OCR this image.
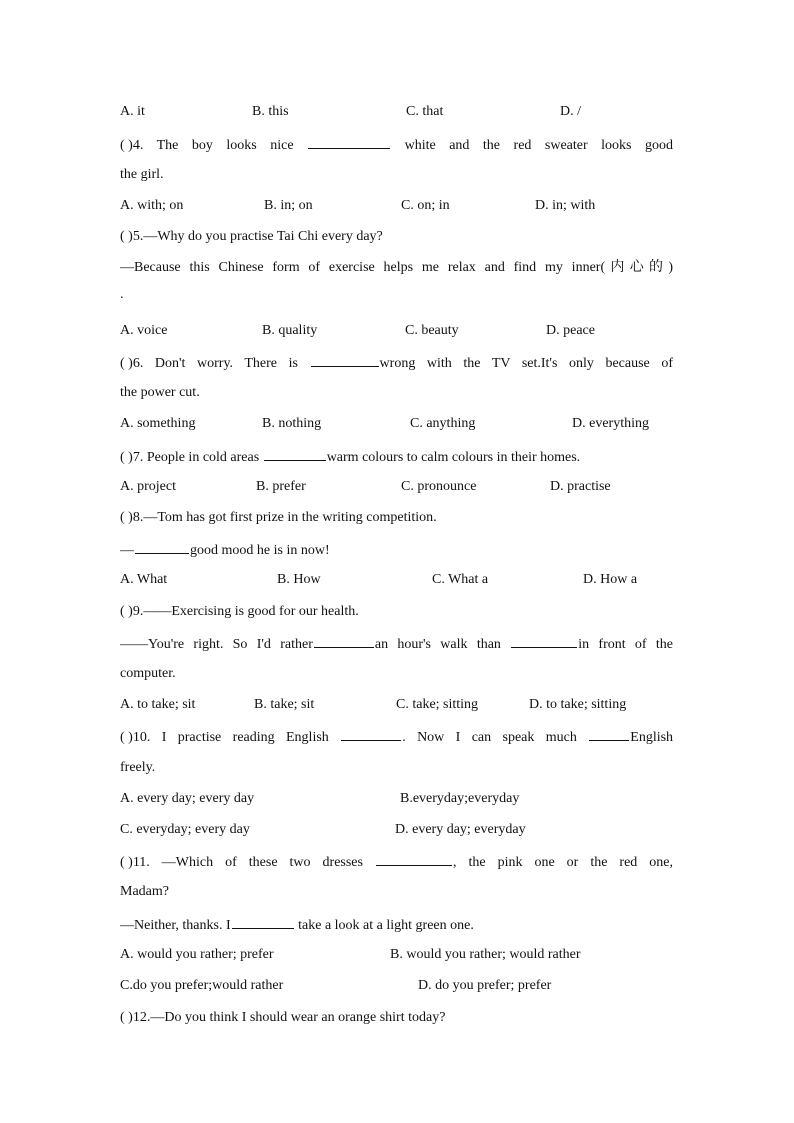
A. it	B. this	C. that	D. /
( )4. The boy looks nice	white and the red sweater looks good
the girl.
A. with; on	B. in; on	C. on; in	D. in; with
( )5.—Why do you practise Tai Chi every day?
—Because this Chinese form of exercise helps me relax and find my inner(内心的)
.
A. voice	B. quality	C. beauty	D. peace
( )6. Don't worry. There is	wrong with the TV set.It's only because of
the power cut.
A. something	B. nothing	C. anything	D. everything
( )7. People in cold areas	warm colours to calm colours in their homes.
A. project	B. prefer	C. pronounce	D. practise
( )8.—Tom has got first prize in the writing competition.
—	good mood he is in now!
A. What	B. How	C. What a	D. How a
( )9.——Exercising is good for our health.
——You're right. So I'd rather	an hour's walk than	in front of the
computer.
A. to take; sit	B. take; sit	C. take; sitting	D. to take; sitting
( )10. I practise reading English	. Now I can speak much	English
freely.
A. every day; every day	B.everyday;everyday
C. everyday; every day	D. every day; everyday
( )11. —Which of these two dresses	, the pink one or the red one,
Madam?
—Neither, thanks. I	take a look at a light green one.
A. would you rather; prefer	B. would you rather; would rather
C.do you prefer;would rather	D. do you prefer; prefer
( )12.—Do you think I should wear an orange shirt today?
